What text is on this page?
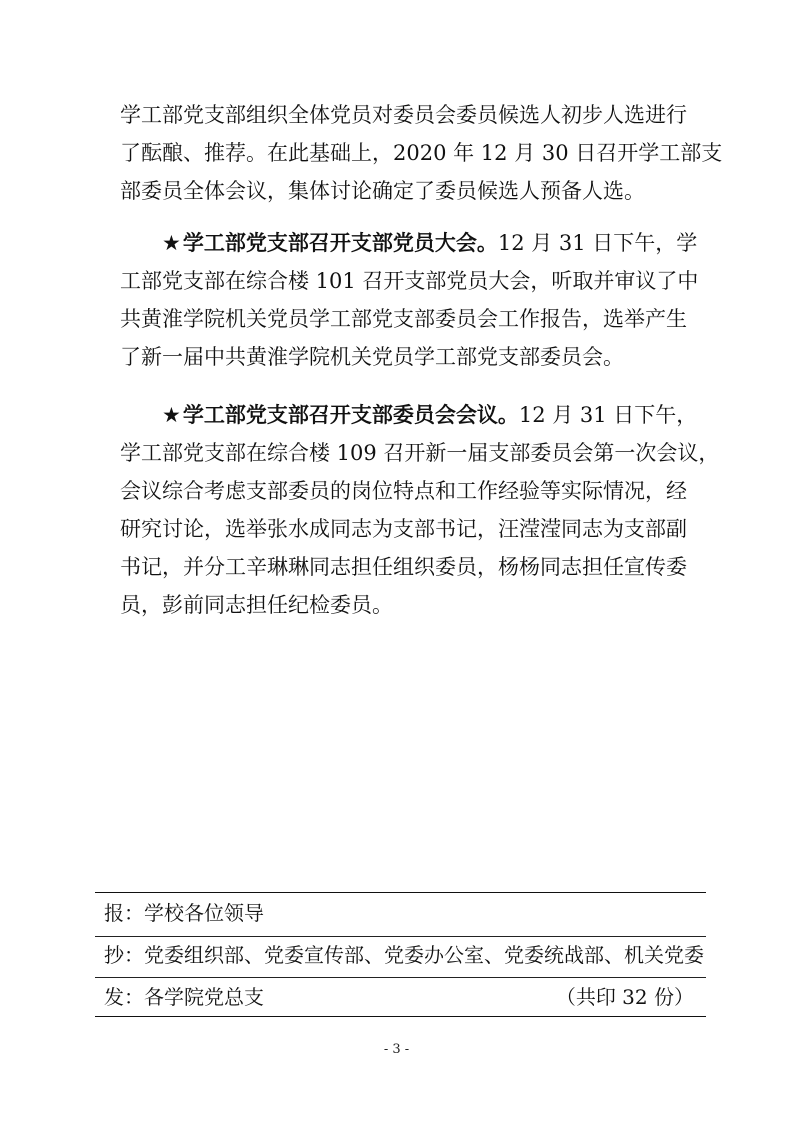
学工部党支部组织全体党员对委员会委员候选人初步人选进行
了酝酿、推荐。在此基础上，2020 年 12 月 30 日召开学工部支
部委员全体会议，集体讨论确定了委员候选人预备人选。
★学工部党支部召开支部党员大会。12 月 31 日下午，学
工部党支部在综合楼 101 召开支部党员大会，听取并审议了中
共黄淮学院机关党员学工部党支部委员会工作报告，选举产生
了新一届中共黄淮学院机关党员学工部党支部委员会。
★学工部党支部召开支部委员会会议。12 月 31 日下午，
学工部党支部在综合楼 109 召开新一届支部委员会第一次会议，
会议综合考虑支部委员的岗位特点和工作经验等实际情况，经
研究讨论，选举张水成同志为支部书记，汪滢滢同志为支部副
书记，并分工辛琳琳同志担任组织委员，杨杨同志担任宣传委
员，彭前同志担任纪检委员。
报：学校各位领导
抄：党委组织部、党委宣传部、党委办公室、党委统战部、机关党委
发：各学院党总支	（共印 32 份）
- 3 -
